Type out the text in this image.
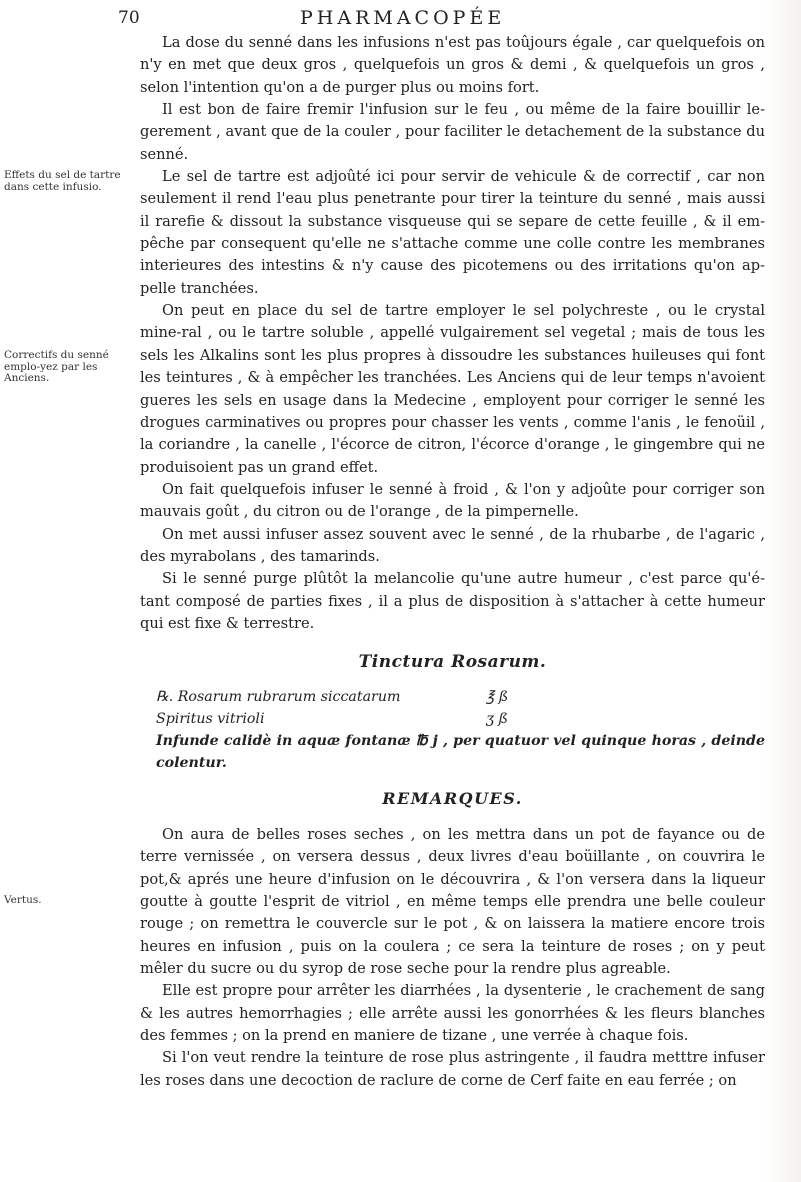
70	PHARMACOPÉE
Effets du sel de tartre dans cette infusio.
Correctifs du senné emplo-yez par les Anciens.
Vertus.

La dose du senné dans les infusions n'est pas toûjours égale , car quelquefois on n'y en met que deux gros , quelquefois un gros & demi , & quelquefois un gros , selon l'intention qu'on a de purger plus ou moins fort.

Il est bon de faire fremir l'infusion sur le feu , ou même de la faire bouillir le-gerement , avant que de la couler , pour faciliter le detachement de la substance du senné.

Le sel de tartre est adjoûté ici pour servir de vehicule & de correctif , car non seulement il rend l'eau plus penetrante pour tirer la teinture du senné , mais aussi il rarefie & dissout la substance visqueuse qui se separe de cette feuille , & il em-pêche par consequent qu'elle ne s'attache comme une colle contre les membranes interieures des intestins & n'y cause des picotemens ou des irritations qu'on ap-pelle tranchées.

On peut en place du sel de tartre employer le sel polychreste , ou le crystal mine-ral , ou le tartre soluble , appellé vulgairement sel vegetal ; mais de tous les sels les Alkalins sont les plus propres à dissoudre les substances huileuses qui font les teintures , & à empêcher les tranchées. Les Anciens qui de leur temps n'avoient gueres les sels en usage dans la Medecine , employent pour corriger le senné les drogues carminatives ou propres pour chasser les vents , comme l'anis , le fenoüil , la coriandre , la canelle , l'écorce de citron, l'écorce d'orange , le gingembre qui ne produisoient pas un grand effet.

On fait quelquefois infuser le senné à froid , & l'on y adjoûte pour corriger son mauvais goût , du citron ou de l'orange , de la pimpernelle.

On met aussi infuser assez souvent avec le senné , de la rhubarbe , de l'agaric , des myrabolans , des tamarinds.

Si le senné purge plûtôt la melancolie qu'une autre humeur , c'est parce qu'é-tant composé de parties fixes , il a plus de disposition à s'attacher à cette humeur qui est fixe & terrestre.

Tinctura Rosarum.
℞. Rosarum rubrarum siccatarum	℥ ß
Spiritus vitrioli	ʒ ß
Infunde calidè in aquæ fontanæ ℔ j , per quatuor vel quinque horas , deinde colentur.
REMARQUES.

On aura de belles roses seches , on les mettra dans un pot de fayance ou de terre vernissée , on versera dessus , deux livres d'eau boüillante , on couvrira le pot,& aprés une heure d'infusion on le découvrira , & l'on versera dans la liqueur goutte à goutte l'esprit de vitriol , en même temps elle prendra une belle couleur rouge ; on remettra le couvercle sur le pot , & on laissera la matiere encore trois heures en infusion , puis on la coulera ; ce sera la teinture de roses ; on y peut mêler du sucre ou du syrop de rose seche pour la rendre plus agreable.

Elle est propre pour arrêter les diarrhées , la dysenterie , le crachement de sang & les autres hemorrhagies ; elle arrête aussi les gonorrhées & les fleurs blanches des femmes ; on la prend en maniere de tizane , une verrée à chaque fois.

Si l'on veut rendre la teinture de rose plus astringente , il faudra metttre infuser les roses dans une decoction de raclure de corne de Cerf faite en eau ferrée ; on
